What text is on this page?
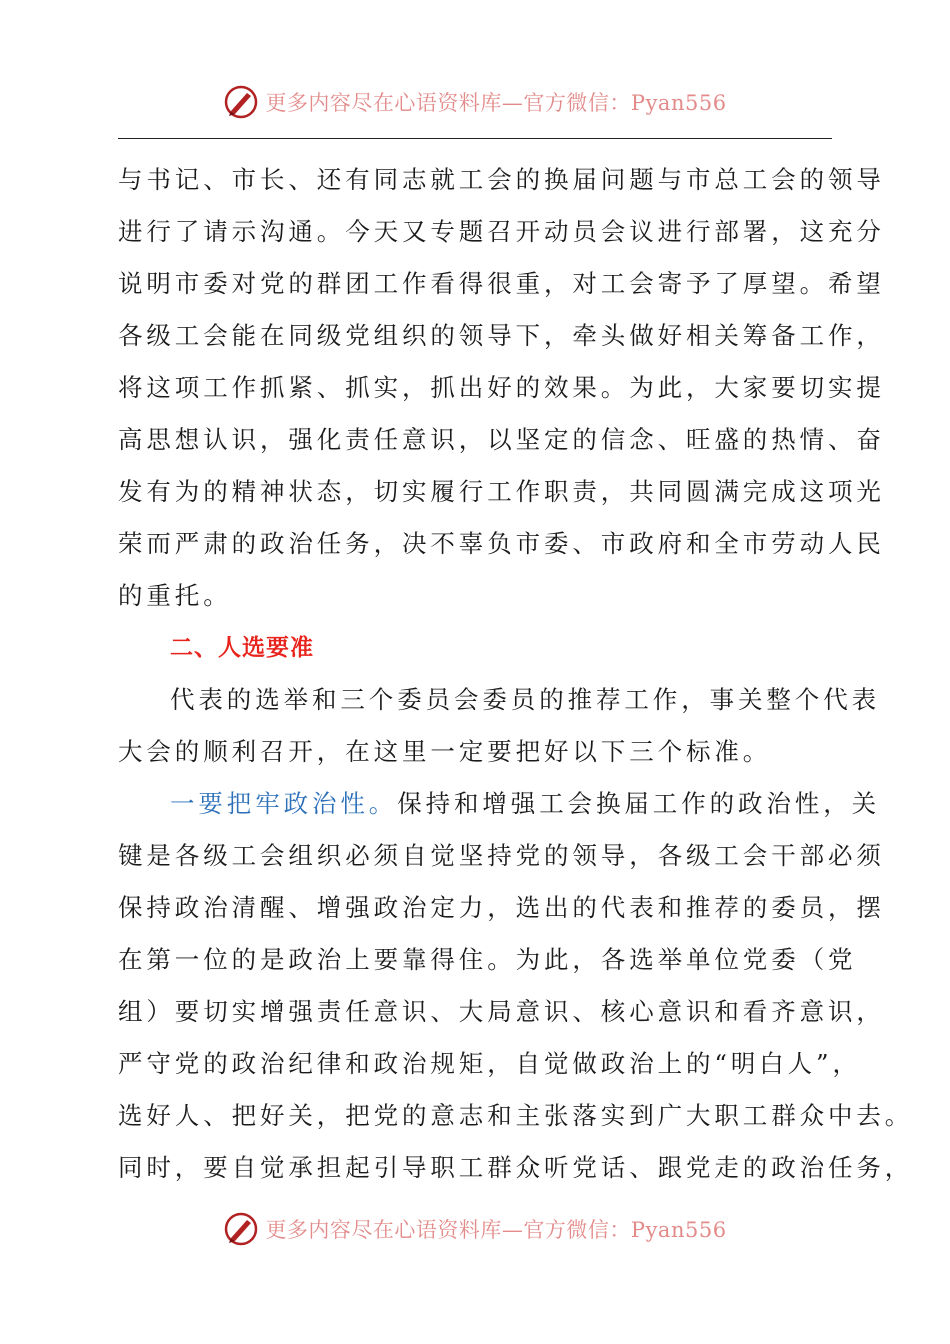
更多内容尽在心语资料库—官方微信：Pyan556
与书记、市长、还有同志就工会的换届问题与市总工会的领导
进行了请示沟通。今天又专题召开动员会议进行部署，这充分
说明市委对党的群团工作看得很重，对工会寄予了厚望。希望
各级工会能在同级党组织的领导下，牵头做好相关筹备工作，
将这项工作抓紧、抓实，抓出好的效果。为此，大家要切实提
高思想认识，强化责任意识，以坚定的信念、旺盛的热情、奋
发有为的精神状态，切实履行工作职责，共同圆满完成这项光
荣而严肃的政治任务，决不辜负市委、市政府和全市劳动人民
的重托。
二、人选要准
代表的选举和三个委员会委员的推荐工作，事关整个代表
大会的顺利召开，在这里一定要把好以下三个标准。
一要把牢政治性。保持和增强工会换届工作的政治性，关
键是各级工会组织必须自觉坚持党的领导，各级工会干部必须
保持政治清醒、增强政治定力，选出的代表和推荐的委员，摆
在第一位的是政治上要靠得住。为此，各选举单位党委（党
组）要切实增强责任意识、大局意识、核心意识和看齐意识，
严守党的政治纪律和政治规矩，自觉做政治上的“明白人”，
选好人、把好关，把党的意志和主张落实到广大职工群众中去。
同时，要自觉承担起引导职工群众听党话、跟党走的政治任务，
更多内容尽在心语资料库—官方微信：Pyan556
